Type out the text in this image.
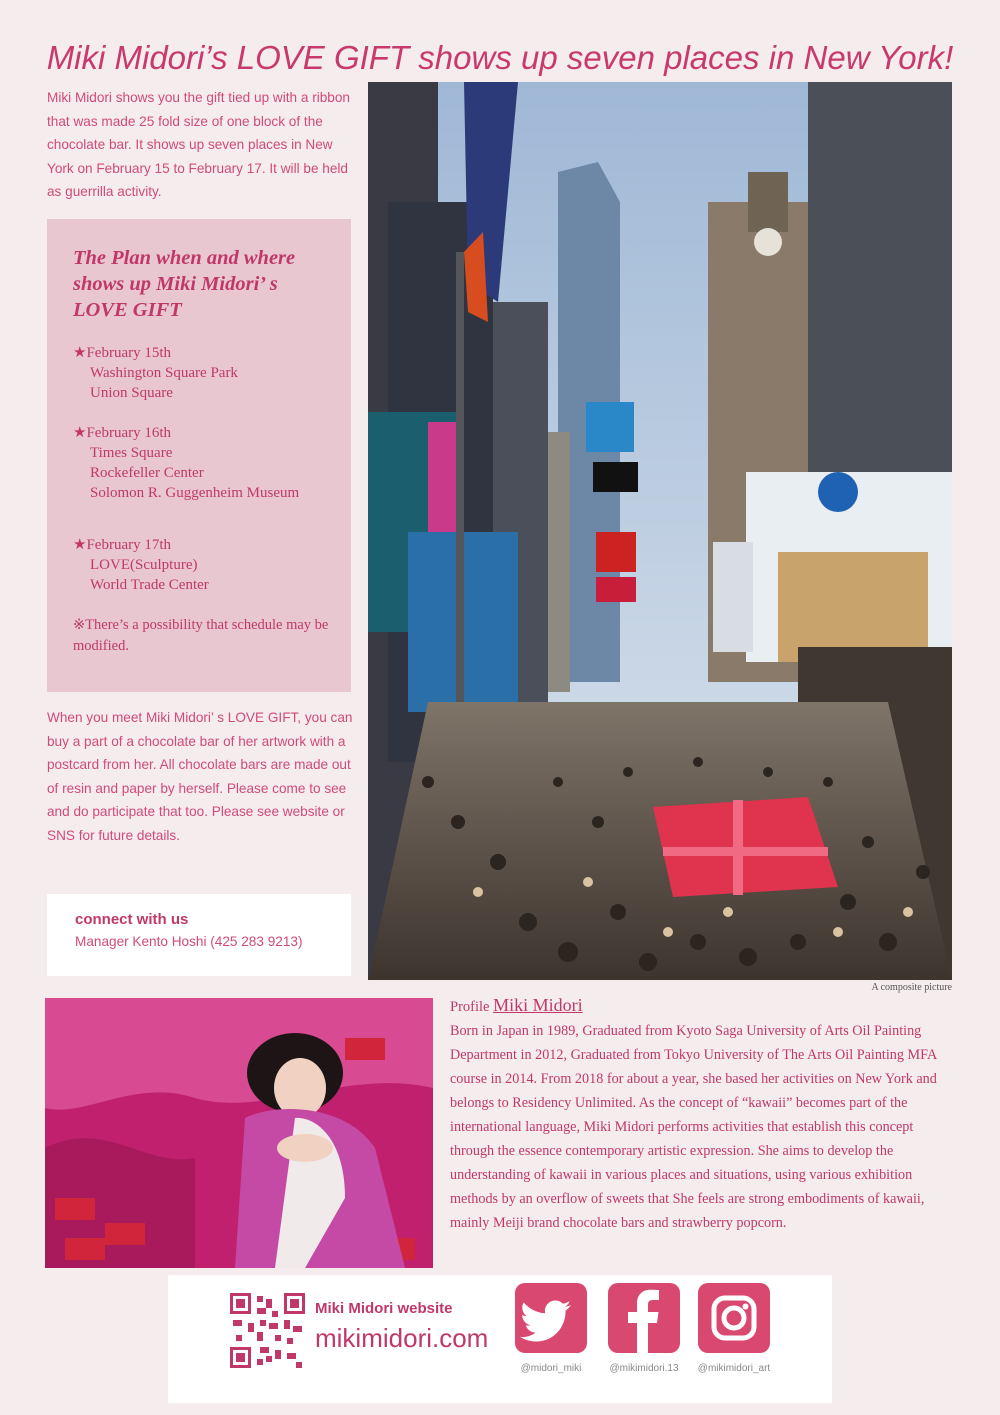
Miki Midori’s LOVE GIFT shows up seven places in New York!
Miki Midori shows you the gift tied up with a ribbon that was made 25 fold size of one block of the chocolate bar. It shows up seven places in New York on February 15 to February 17. It will be held as guerrilla activity.
The Plan when and where shows up Miki Midori’ s LOVE GIFT
★February 15th
Washington Square Park
Union Square
★February 16th
Times Square
Rockefeller Center
Solomon R. Guggenheim Museum
★February 17th
LOVE(Sculpture)
World Trade Center
※There’s a possibility that schedule may be modified.
When you meet Miki Midori’ s LOVE GIFT, you can buy a part of a chocolate bar of her artwork with a postcard from her. All chocolate bars are made out of resin and paper by herself. Please come to see and do participate that too. Please see website or SNS for future details.
connect with us
Manager Kento Hoshi (425 283 9213)
A composite picture
Profile Miki Midori
Born in Japan in 1989, Graduated from Kyoto Saga University of Arts Oil Painting Department in 2012, Graduated from Tokyo University of The Arts Oil Painting MFA course in 2014. From 2018 for about a year, she based her activities on New York and belongs to Residency Unlimited. As the concept of “kawaii” becomes part of the international language, Miki Midori performs activities that establish this concept through the essence contemporary artistic expression. She aims to develop the understanding of kawaii in various places and situations, using various exhibition methods by an overflow of sweets that She feels are strong embodiments of kawaii, mainly Meiji brand chocolate bars and strawberry popcorn.
Miki Midori website
mikimidori.com
@midori_miki	@mikimidori.13	@mikimidori_art
